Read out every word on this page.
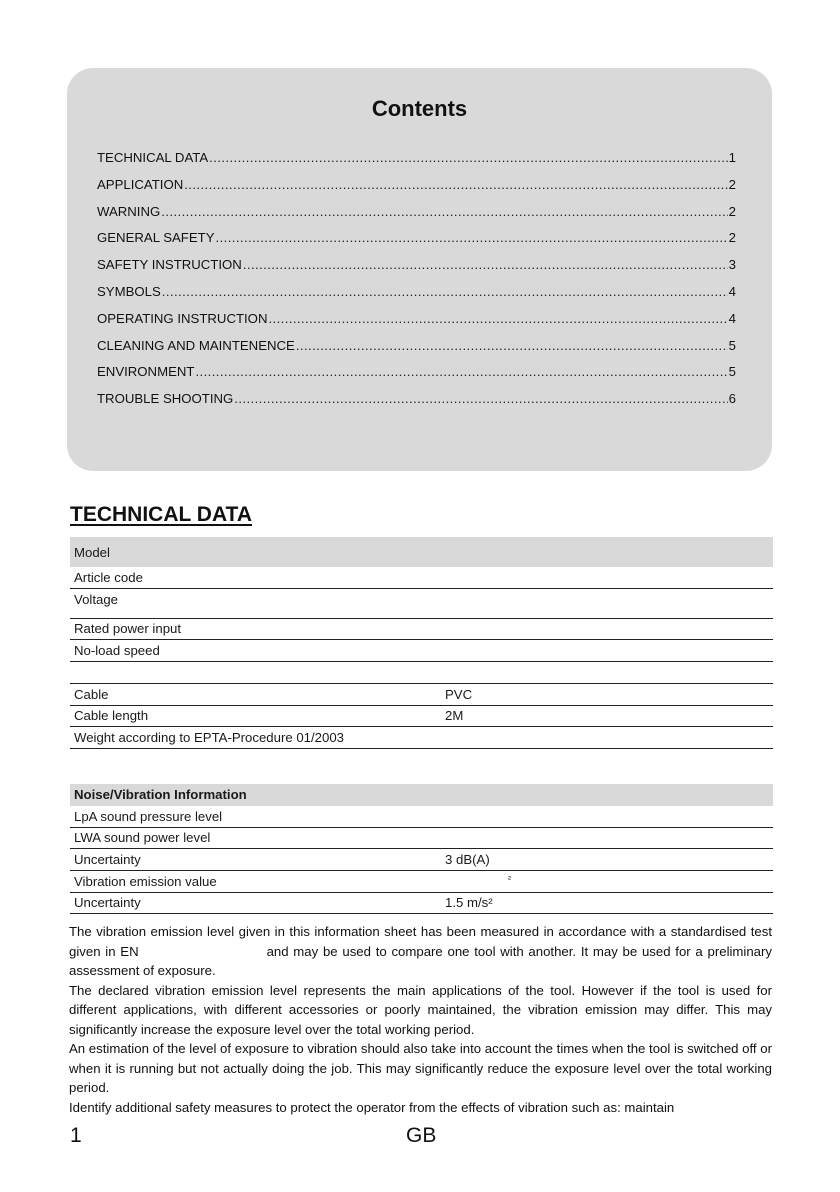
Contents
TECHNICAL DATA .....	1
APPLICATION .....	2
WARNING .....	2
GENERAL SAFETY .....	2
SAFETY INSTRUCTION .....	3
SYMBOLS .....	4
OPERATING INSTRUCTION .....	4
CLEANING AND MAINTENENCE .....	5
ENVIRONMENT .....	5
TROUBLE SHOOTING .....	6
TECHNICAL DATA
Model
Article code
Voltage
Rated power input
No-load speed
Cable	PVC
Cable length	2M
Weight according to EPTA-Procedure 01/2003
Noise/Vibration Information
LpA sound pressure level
LWA sound power level
Uncertainty	3 dB(A)
Vibration emission value	²
Uncertainty	1.5 m/s²

The vibration emission level given in this information sheet has been measured in accordance with a standardised test given in EN                           and may be used to compare one tool with another. It may be used for a preliminary assessment of exposure.

The declared vibration emission level represents the main applications of the tool. However if the tool is used for different applications, with different accessories or poorly maintained, the vibration emission may differ. This may significantly increase the exposure level over the total working period.

An estimation of the level of exposure to vibration should also take into account the times when the tool is switched off or when it is running but not actually doing the job. This may significantly reduce the exposure level over the total working period.

Identify additional safety measures to protect the operator from the effects of vibration such as: maintain

1	GB
